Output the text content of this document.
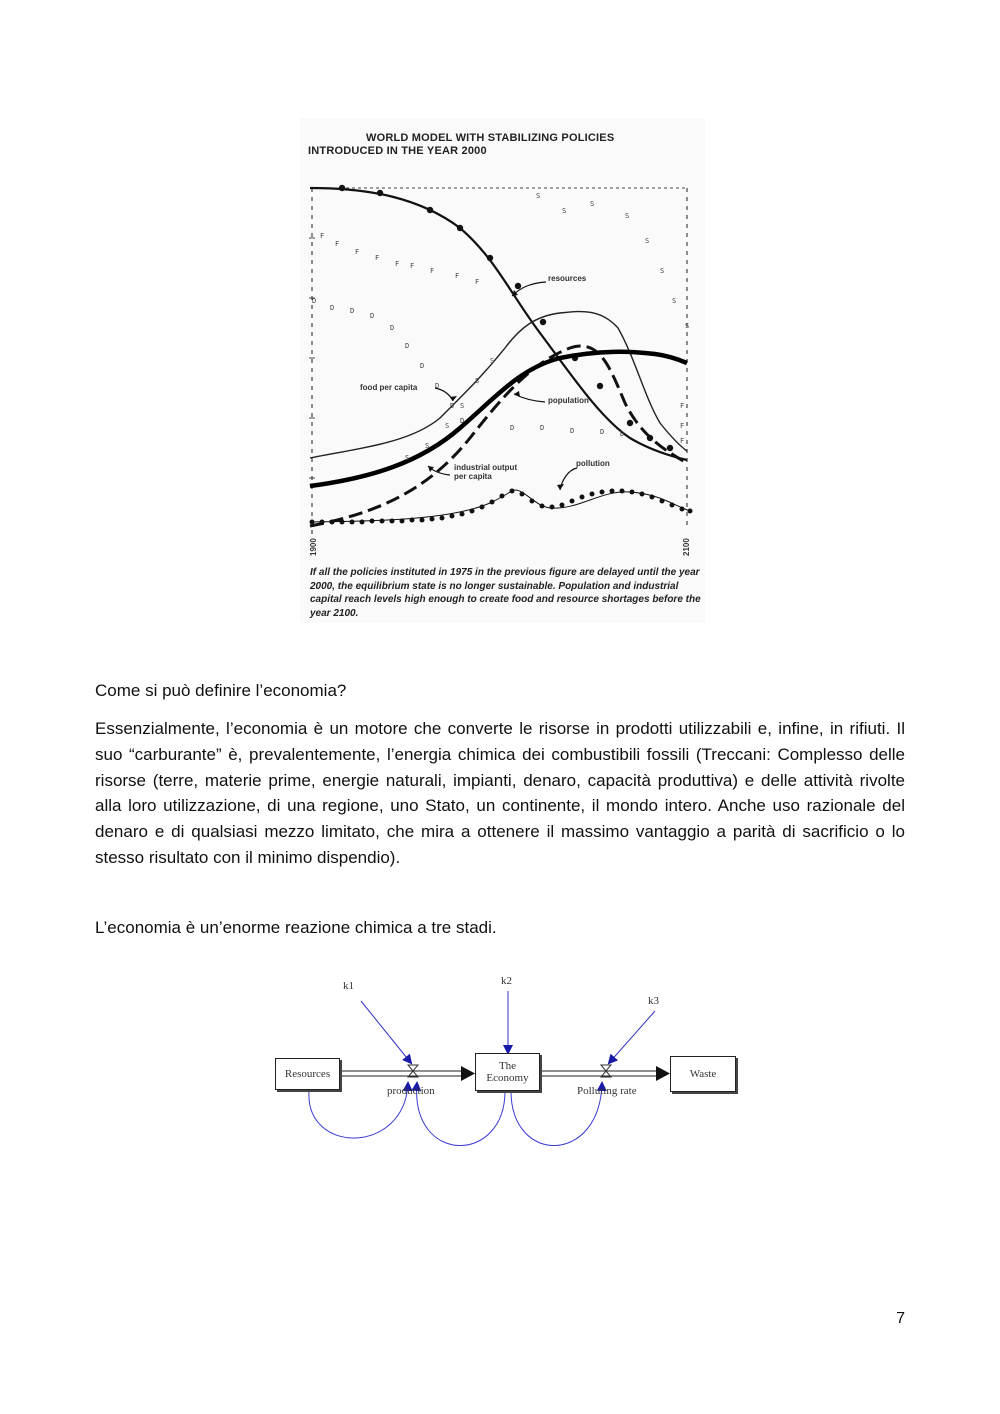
F
F
F
F
F F
F
F
F
D
D D
D
D
D
D
D
D
D
D	D	D	D D
S
S
S
S
S
S
S
S
S
S
S
S
S
S
F
F
F
WORLD MODEL WITH STABILIZING POLICIES
INTRODUCED IN THE YEAR 2000
resources
food per capita
population
industrial output
per capita
pollution
1900	2100
If all the policies instituted in 1975 in the previous figure are delayed until the year 2000, the equilibrium state is no longer sustainable. Population and industrial capital reach levels high enough to create food and resource shortages before the year 2100.
Come si può definire l’economia?
Essenzialmente, l’economia è un motore che converte le risorse in prodotti utilizzabili e, infine, in rifiuti. Il suo “carburante” è, prevalentemente, l’energia chimica dei combustibili fossili (Treccani: Complesso delle risorse (terre, materie prime, energie naturali, impianti, denaro, capacità produttiva) e delle attività rivolte alla loro utilizzazione, di una regione, uno Stato, un continente, il mondo intero. Anche uso razionale del denaro e di qualsiasi mezzo limitato, che mira a ottenere il massimo vantaggio a parità di sacrificio o lo stesso risultato con il minimo dispendio).
L’economia è un’enorme reazione chimica a tre stadi.
k1	k2
k3
Resources
The
Economy	Waste
production	Polluting rate
7
